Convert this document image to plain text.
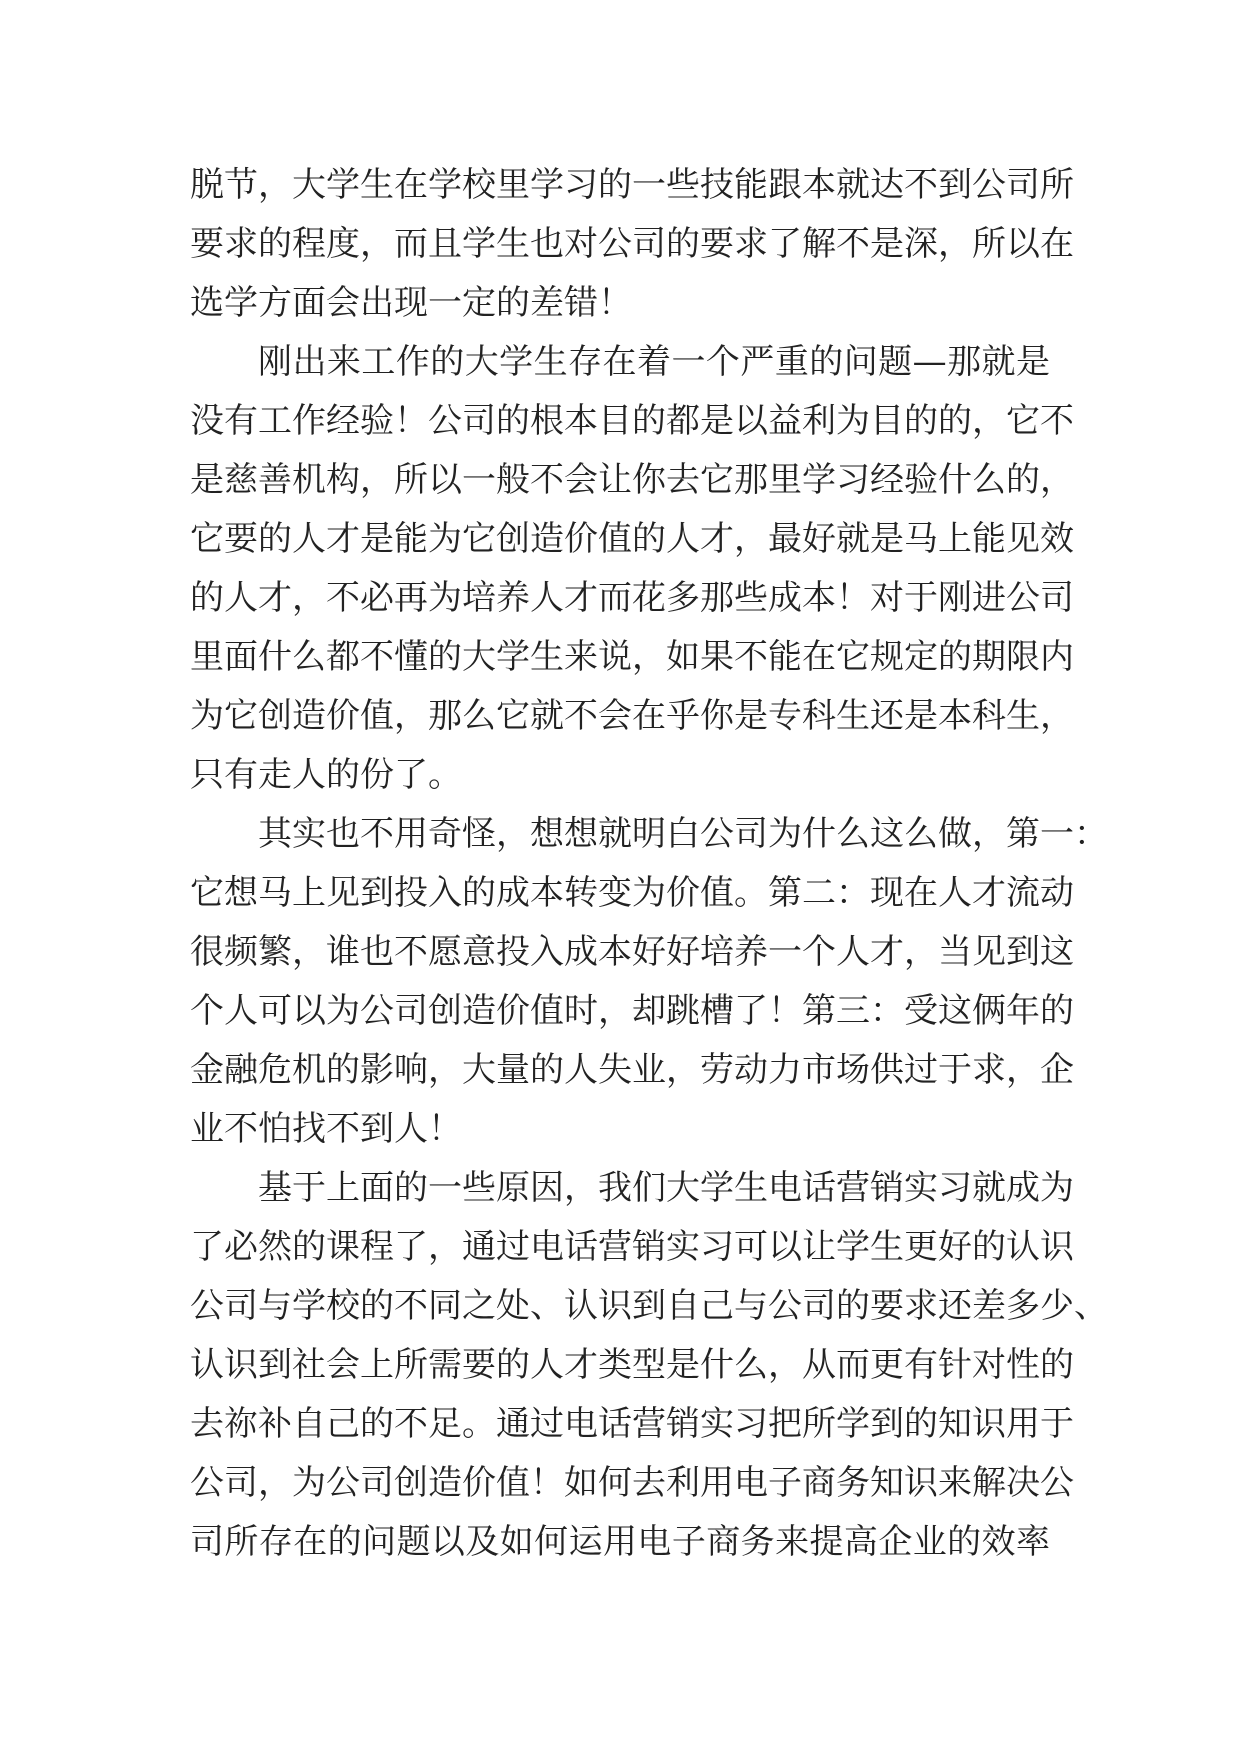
脱节，大学生在学校里学习的一些技能跟本就达不到公司所

要求的程度，而且学生也对公司的要求了解不是深，所以在

选学方面会出现一定的差错！

刚出来工作的大学生存在着一个严重的问题—那就是

没有工作经验！公司的根本目的都是以益利为目的的，它不

是慈善机构，所以一般不会让你去它那里学习经验什么的，

它要的人才是能为它创造价值的人才，最好就是马上能见效

的人才，不必再为培养人才而花多那些成本！对于刚进公司

里面什么都不懂的大学生来说，如果不能在它规定的期限内

为它创造价值，那么它就不会在乎你是专科生还是本科生，

只有走人的份了。

其实也不用奇怪，想想就明白公司为什么这么做，第一：

它想马上见到投入的成本转变为价值。第二：现在人才流动

很频繁，谁也不愿意投入成本好好培养一个人才，当见到这

个人可以为公司创造价值时，却跳槽了！第三：受这俩年的

金融危机的影响，大量的人失业，劳动力市场供过于求，企

业不怕找不到人！

基于上面的一些原因，我们大学生电话营销实习就成为

了必然的课程了，通过电话营销实习可以让学生更好的认识

公司与学校的不同之处、认识到自己与公司的要求还差多少、

认识到社会上所需要的人才类型是什么，从而更有针对性的

去祢补自己的不足。通过电话营销实习把所学到的知识用于

公司，为公司创造价值！如何去利用电子商务知识来解决公

司所存在的问题以及如何运用电子商务来提高企业的效率
